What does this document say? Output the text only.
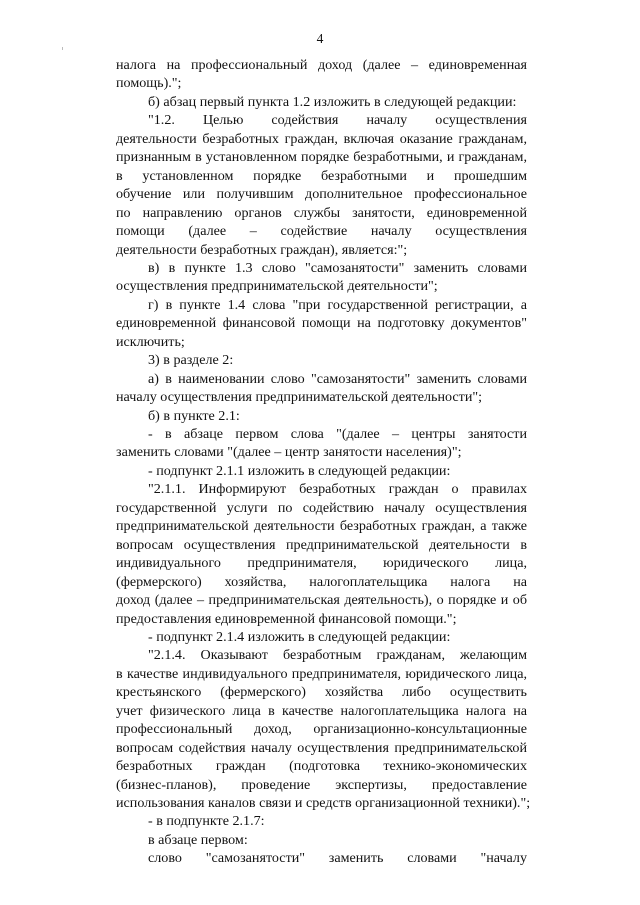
4
налога на профессиональный доход (далее – единовременная
помощь).";
б) абзац первый пункта 1.2 изложить в следующей редакции:
"1.2. Целью содействия началу осуществления
деятельности безработных граждан, включая оказание гражданам,
признанным в установленном порядке безработными, и гражданам,
в установленном порядке безработными и прошедшим
обучение или получившим дополнительное профессиональное
по направлению органов службы занятости, единовременной
помощи (далее – содействие началу осуществления
деятельности безработных граждан), является:";
в) в пункте 1.3 слово "самозанятости" заменить словами
осуществления предпринимательской деятельности";
г) в пункте 1.4 слова "при государственной регистрации, а
единовременной финансовой помощи на подготовку документов"
исключить;
3) в разделе 2:
а) в наименовании слово "самозанятости" заменить словами
началу осуществления предпринимательской деятельности";
б) в пункте 2.1:
- в абзаце первом слова "(далее – центры занятости
заменить словами "(далее – центр занятости населения)";
- подпункт 2.1.1 изложить в следующей редакции:
"2.1.1. Информируют безработных граждан о правилах
государственной услуги по содействию началу осуществления
предпринимательской деятельности безработных граждан, а также
вопросам осуществления предпринимательской деятельности в
индивидуального предпринимателя, юридического лица,
(фермерского) хозяйства, налогоплательщика налога на
доход (далее – предпринимательская деятельность), о порядке и об
предоставления единовременной финансовой помощи.";
- подпункт 2.1.4 изложить в следующей редакции:
"2.1.4. Оказывают безработным гражданам, желающим
в качестве индивидуального предпринимателя, юридического лица,
крестьянского (фермерского) хозяйства либо осуществить
учет физического лица в качестве налогоплательщика налога на
профессиональный доход, организационно-консультационные
вопросам содействия началу осуществления предпринимательской
безработных граждан (подготовка технико-экономических
(бизнес-планов), проведение экспертизы, предоставление
использования каналов связи и средств организационной техники).";
- в подпункте 2.1.7:
в абзаце первом:
слово "самозанятости" заменить словами "началу
